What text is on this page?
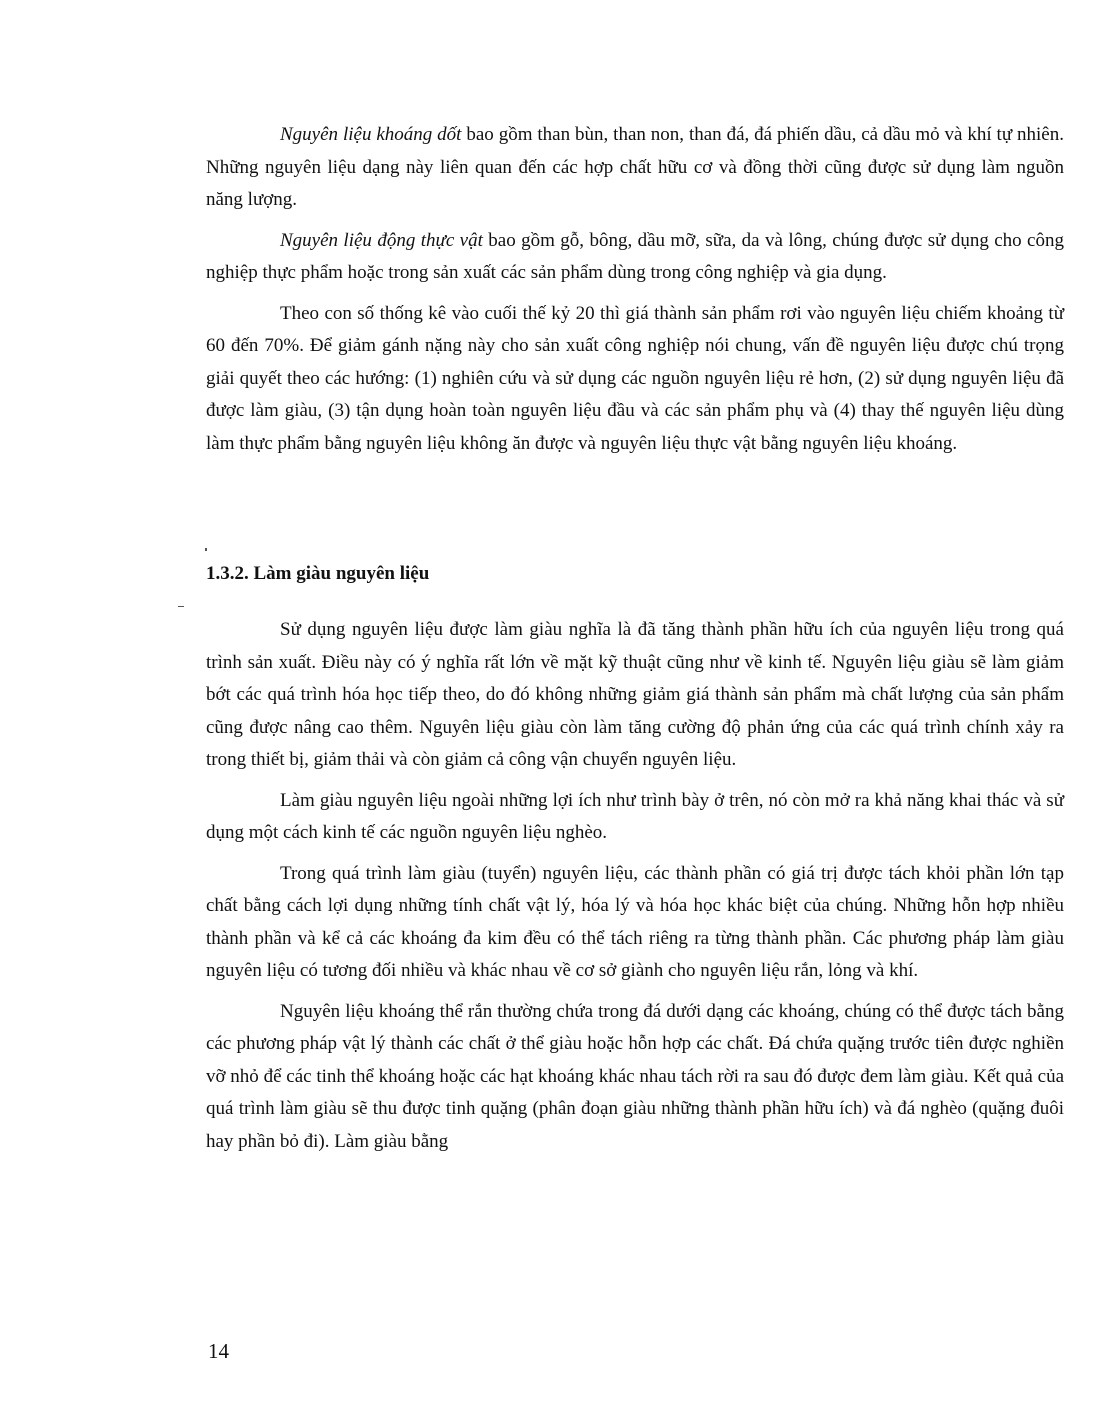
Nguyên liệu khoáng dốt bao gồm than bùn, than non, than đá, đá phiến dầu, cả dầu mỏ và khí tự nhiên. Những nguyên liệu dạng này liên quan đến các hợp chất hữu cơ và đồng thời cũng được sử dụng làm nguồn năng lượng.

Nguyên liệu động thực vật bao gồm gỗ, bông, dầu mỡ, sữa, da và lông, chúng được sử dụng cho công nghiệp thực phẩm hoặc trong sản xuất các sản phẩm dùng trong công nghiệp và gia dụng.

Theo con số thống kê vào cuối thế kỷ 20 thì giá thành sản phẩm rơi vào nguyên liệu chiếm khoảng từ 60 đến 70%. Để giảm gánh nặng này cho sản xuất công nghiệp nói chung, vấn đề nguyên liệu được chú trọng giải quyết theo các hướng: (1) nghiên cứu và sử dụng các nguồn nguyên liệu rẻ hơn, (2) sử dụng nguyên liệu đã được làm giàu, (3) tận dụng hoàn toàn nguyên liệu đầu và các sản phẩm phụ và (4) thay thế nguyên liệu dùng làm thực phẩm bằng nguyên liệu không ăn được và nguyên liệu thực vật bằng nguyên liệu khoáng.

1.3.2. Làm giàu nguyên liệu

Sử dụng nguyên liệu được làm giàu nghĩa là đã tăng thành phần hữu ích của nguyên liệu trong quá trình sản xuất. Điều này có ý nghĩa rất lớn về mặt kỹ thuật cũng như về kinh tế. Nguyên liệu giàu sẽ làm giảm bớt các quá trình hóa học tiếp theo, do đó không những giảm giá thành sản phẩm mà chất lượng của sản phẩm cũng được nâng cao thêm. Nguyên liệu giàu còn làm tăng cường độ phản ứng của các quá trình chính xảy ra trong thiết bị, giảm thải và còn giảm cả công vận chuyển nguyên liệu.

Làm giàu nguyên liệu ngoài những lợi ích như trình bày ở trên, nó còn mở ra khả năng khai thác và sử dụng một cách kinh tế các nguồn nguyên liệu nghèo.

Trong quá trình làm giàu (tuyển) nguyên liệu, các thành phần có giá trị được tách khỏi phần lớn tạp chất bằng cách lợi dụng những tính chất vật lý, hóa lý và hóa học khác biệt của chúng. Những hỗn hợp nhiều thành phần và kể cả các khoáng đa kim đều có thể tách riêng ra từng thành phần. Các phương pháp làm giàu nguyên liệu có tương đối nhiều và khác nhau về cơ sở giành cho nguyên liệu rắn, lỏng và khí.

Nguyên liệu khoáng thể rắn thường chứa trong đá dưới dạng các khoáng, chúng có thể được tách bằng các phương pháp vật lý thành các chất ở thể giàu hoặc hỗn hợp các chất. Đá chứa quặng trước tiên được nghiền vỡ nhỏ để các tinh thể khoáng hoặc các hạt khoáng khác nhau tách rời ra sau đó được đem làm giàu. Kết quả của quá trình làm giàu sẽ thu được tinh quặng (phân đoạn giàu những thành phần hữu ích) và đá nghèo (quặng đuôi hay phần bỏ đi). Làm giàu bằng

14
